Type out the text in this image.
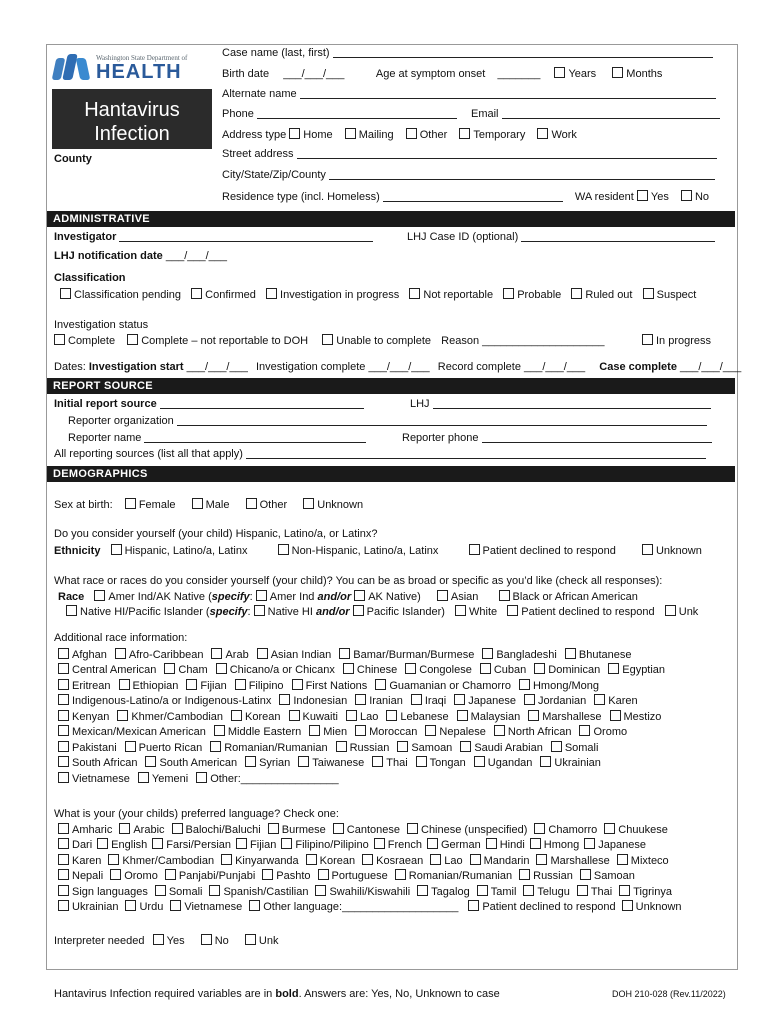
Washington State Department of
HEALTH
Hantavirus
Infection
County
Case name (last, first)
Birth date ___/___/___	Age at symptom onset _______	Years	Months
Alternate name
Phone	Email
Address type Home Mailing Other Temporary Work
Street address
City/State/Zip/County
Residence type (incl. Homeless)	WA resident Yes No
ADMINISTRATIVE
Investigator	LHJ Case ID (optional)
LHJ notification date ___/___/___
Classification
Classification pending Confirmed Investigation in progress Not reportable Probable Ruled out Suspect
Investigation status
Complete Complete – not reportable to DOH	Unable to complete Reason ____________________	In progress
Dates: Investigation start ___/___/___ Investigation complete ___/___/___ Record complete ___/___/___ Case complete ___/___/___
REPORT SOURCE
Initial report source	LHJ
Reporter organization
Reporter name	Reporter phone
All reporting sources (list all that apply)
DEMOGRAPHICS
Sex at birth: Female	Male	Other	Unknown
Do you consider yourself (your child) Hispanic, Latino/a, or Latinx?
Ethnicity Hispanic, Latino/a, Latinx	Non-Hispanic, Latino/a, Latinx	Patient declined to respond	Unknown
What race or races do you consider yourself (your child)? You can be as broad or specific as you’d like (check all responses):
Race Amer Ind/AK Native (specify: Amer Ind and/or AK Native)	Asian	Black or African American
Native HI/Pacific Islander (specify: Native HI and/or Pacific Islander) White Patient declined to respond Unk
Additional race information:
Afghan Afro-Caribbean Arab Asian Indian Bamar/Burman/Burmese Bangladeshi Bhutanese
Central American Cham Chicano/a or Chicanx Chinese Congolese Cuban Dominican Egyptian
Eritrean Ethiopian Fijian Filipino First Nations Guamanian or Chamorro Hmong/Mong
Indigenous-Latino/a or Indigenous-Latinx Indonesian Iranian Iraqi Japanese Jordanian Karen
Kenyan Khmer/Cambodian Korean Kuwaiti Lao Lebanese Malaysian Marshallese Mestizo
Mexican/Mexican American Middle Eastern Mien Moroccan Nepalese North African Oromo
Pakistani Puerto Rican Romanian/Rumanian Russian Samoan Saudi Arabian Somali
South African South American Syrian Taiwanese Thai Tongan Ugandan Ukrainian
Vietnamese Yemeni Other:________________
What is your (your childs) preferred language? Check one:
Amharic Arabic Balochi/Baluchi Burmese Cantonese Chinese (unspecified) Chamorro Chuukese
Dari English Farsi/Persian Fijian Filipino/Pilipino French German Hindi Hmong Japanese
Karen Khmer/Cambodian Kinyarwanda Korean Kosraean Lao Mandarin Marshallese Mixteco
Nepali Oromo Panjabi/Punjabi Pashto Portuguese Romanian/Rumanian Russian Samoan
Sign languages Somali Spanish/Castilian Swahili/Kiswahili Tagalog Tamil Telugu Thai Tigrinya
Ukrainian Urdu Vietnamese Other language:___________________ Patient declined to respond Unknown
Interpreter needed Yes	No	Unk
Hantavirus Infection required variables are in bold. Answers are: Yes, No, Unknown to case	DOH 210-028 (Rev.11/2022)
